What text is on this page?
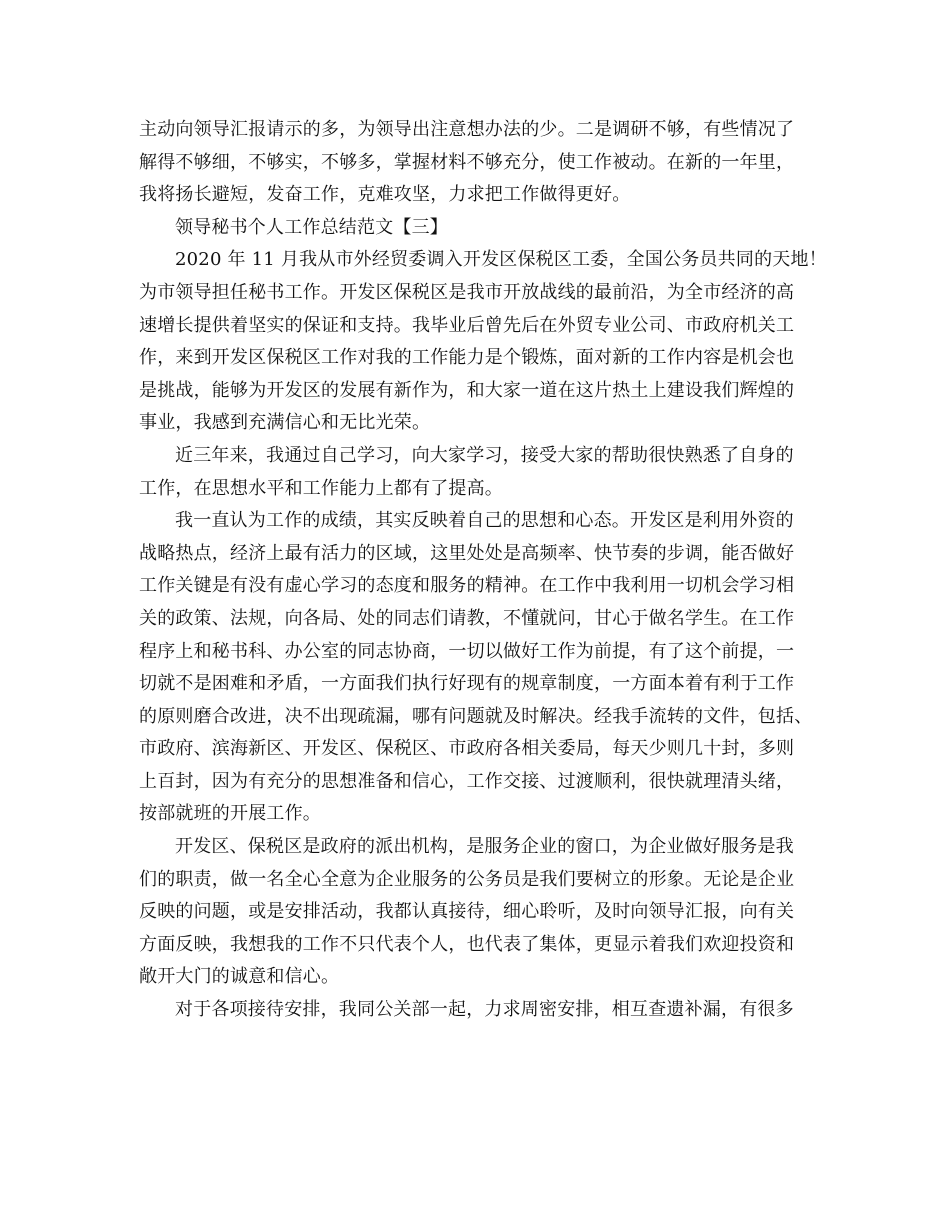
主动向领导汇报请示的多，为领导出注意想办法的少。二是调研不够，有些情况了
解得不够细，不够实，不够多，掌握材料不够充分，使工作被动。在新的一年里，
我将扬长避短，发奋工作，克难攻坚，力求把工作做得更好。
领导秘书个人工作总结范文【三】
2020 年 11 月我从市外经贸委调入开发区保税区工委，全国公务员共同的天地！
为市领导担任秘书工作。开发区保税区是我市开放战线的最前沿，为全市经济的高
速增长提供着坚实的保证和支持。我毕业后曾先后在外贸专业公司、市政府机关工
作，来到开发区保税区工作对我的工作能力是个锻炼，面对新的工作内容是机会也
是挑战，能够为开发区的发展有新作为，和大家一道在这片热土上建设我们辉煌的
事业，我感到充满信心和无比光荣。
近三年来，我通过自己学习，向大家学习，接受大家的帮助很快熟悉了自身的
工作，在思想水平和工作能力上都有了提高。
我一直认为工作的成绩，其实反映着自己的思想和心态。开发区是利用外资的
战略热点，经济上最有活力的区域，这里处处是高频率、快节奏的步调，能否做好
工作关键是有没有虚心学习的态度和服务的精神。在工作中我利用一切机会学习相
关的政策、法规，向各局、处的同志们请教，不懂就问，甘心于做名学生。在工作
程序上和秘书科、办公室的同志协商，一切以做好工作为前提，有了这个前提，一
切就不是困难和矛盾，一方面我们执行好现有的规章制度，一方面本着有利于工作
的原则磨合改进，决不出现疏漏，哪有问题就及时解决。经我手流转的文件，包括、
市政府、滨海新区、开发区、保税区、市政府各相关委局，每天少则几十封，多则
上百封，因为有充分的思想准备和信心，工作交接、过渡顺利，很快就理清头绪，
按部就班的开展工作。
开发区、保税区是政府的派出机构，是服务企业的窗口，为企业做好服务是我
们的职责，做一名全心全意为企业服务的公务员是我们要树立的形象。无论是企业
反映的问题，或是安排活动，我都认真接待，细心聆听，及时向领导汇报，向有关
方面反映，我想我的工作不只代表个人，也代表了集体，更显示着我们欢迎投资和
敞开大门的诚意和信心。
对于各项接待安排，我同公关部一起，力求周密安排，相互查遗补漏，有很多
